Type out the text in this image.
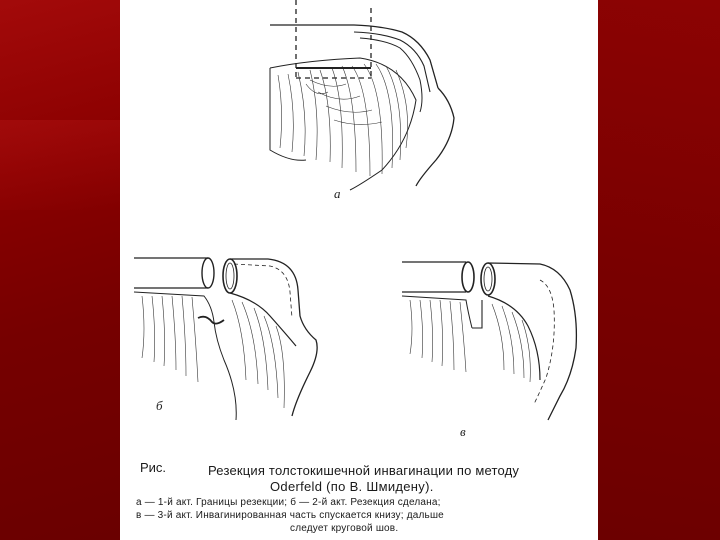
а
б
в
Рис.	Резекция толстокишечной инвагинации по методу
Oderfeld (по В. Шмидену).
а — 1-й акт. Границы резекции; б — 2-й акт. Резекция сделана;
в — 3-й акт. Инвагинированная часть спускается книзу; дальше
следует круговой шов.
